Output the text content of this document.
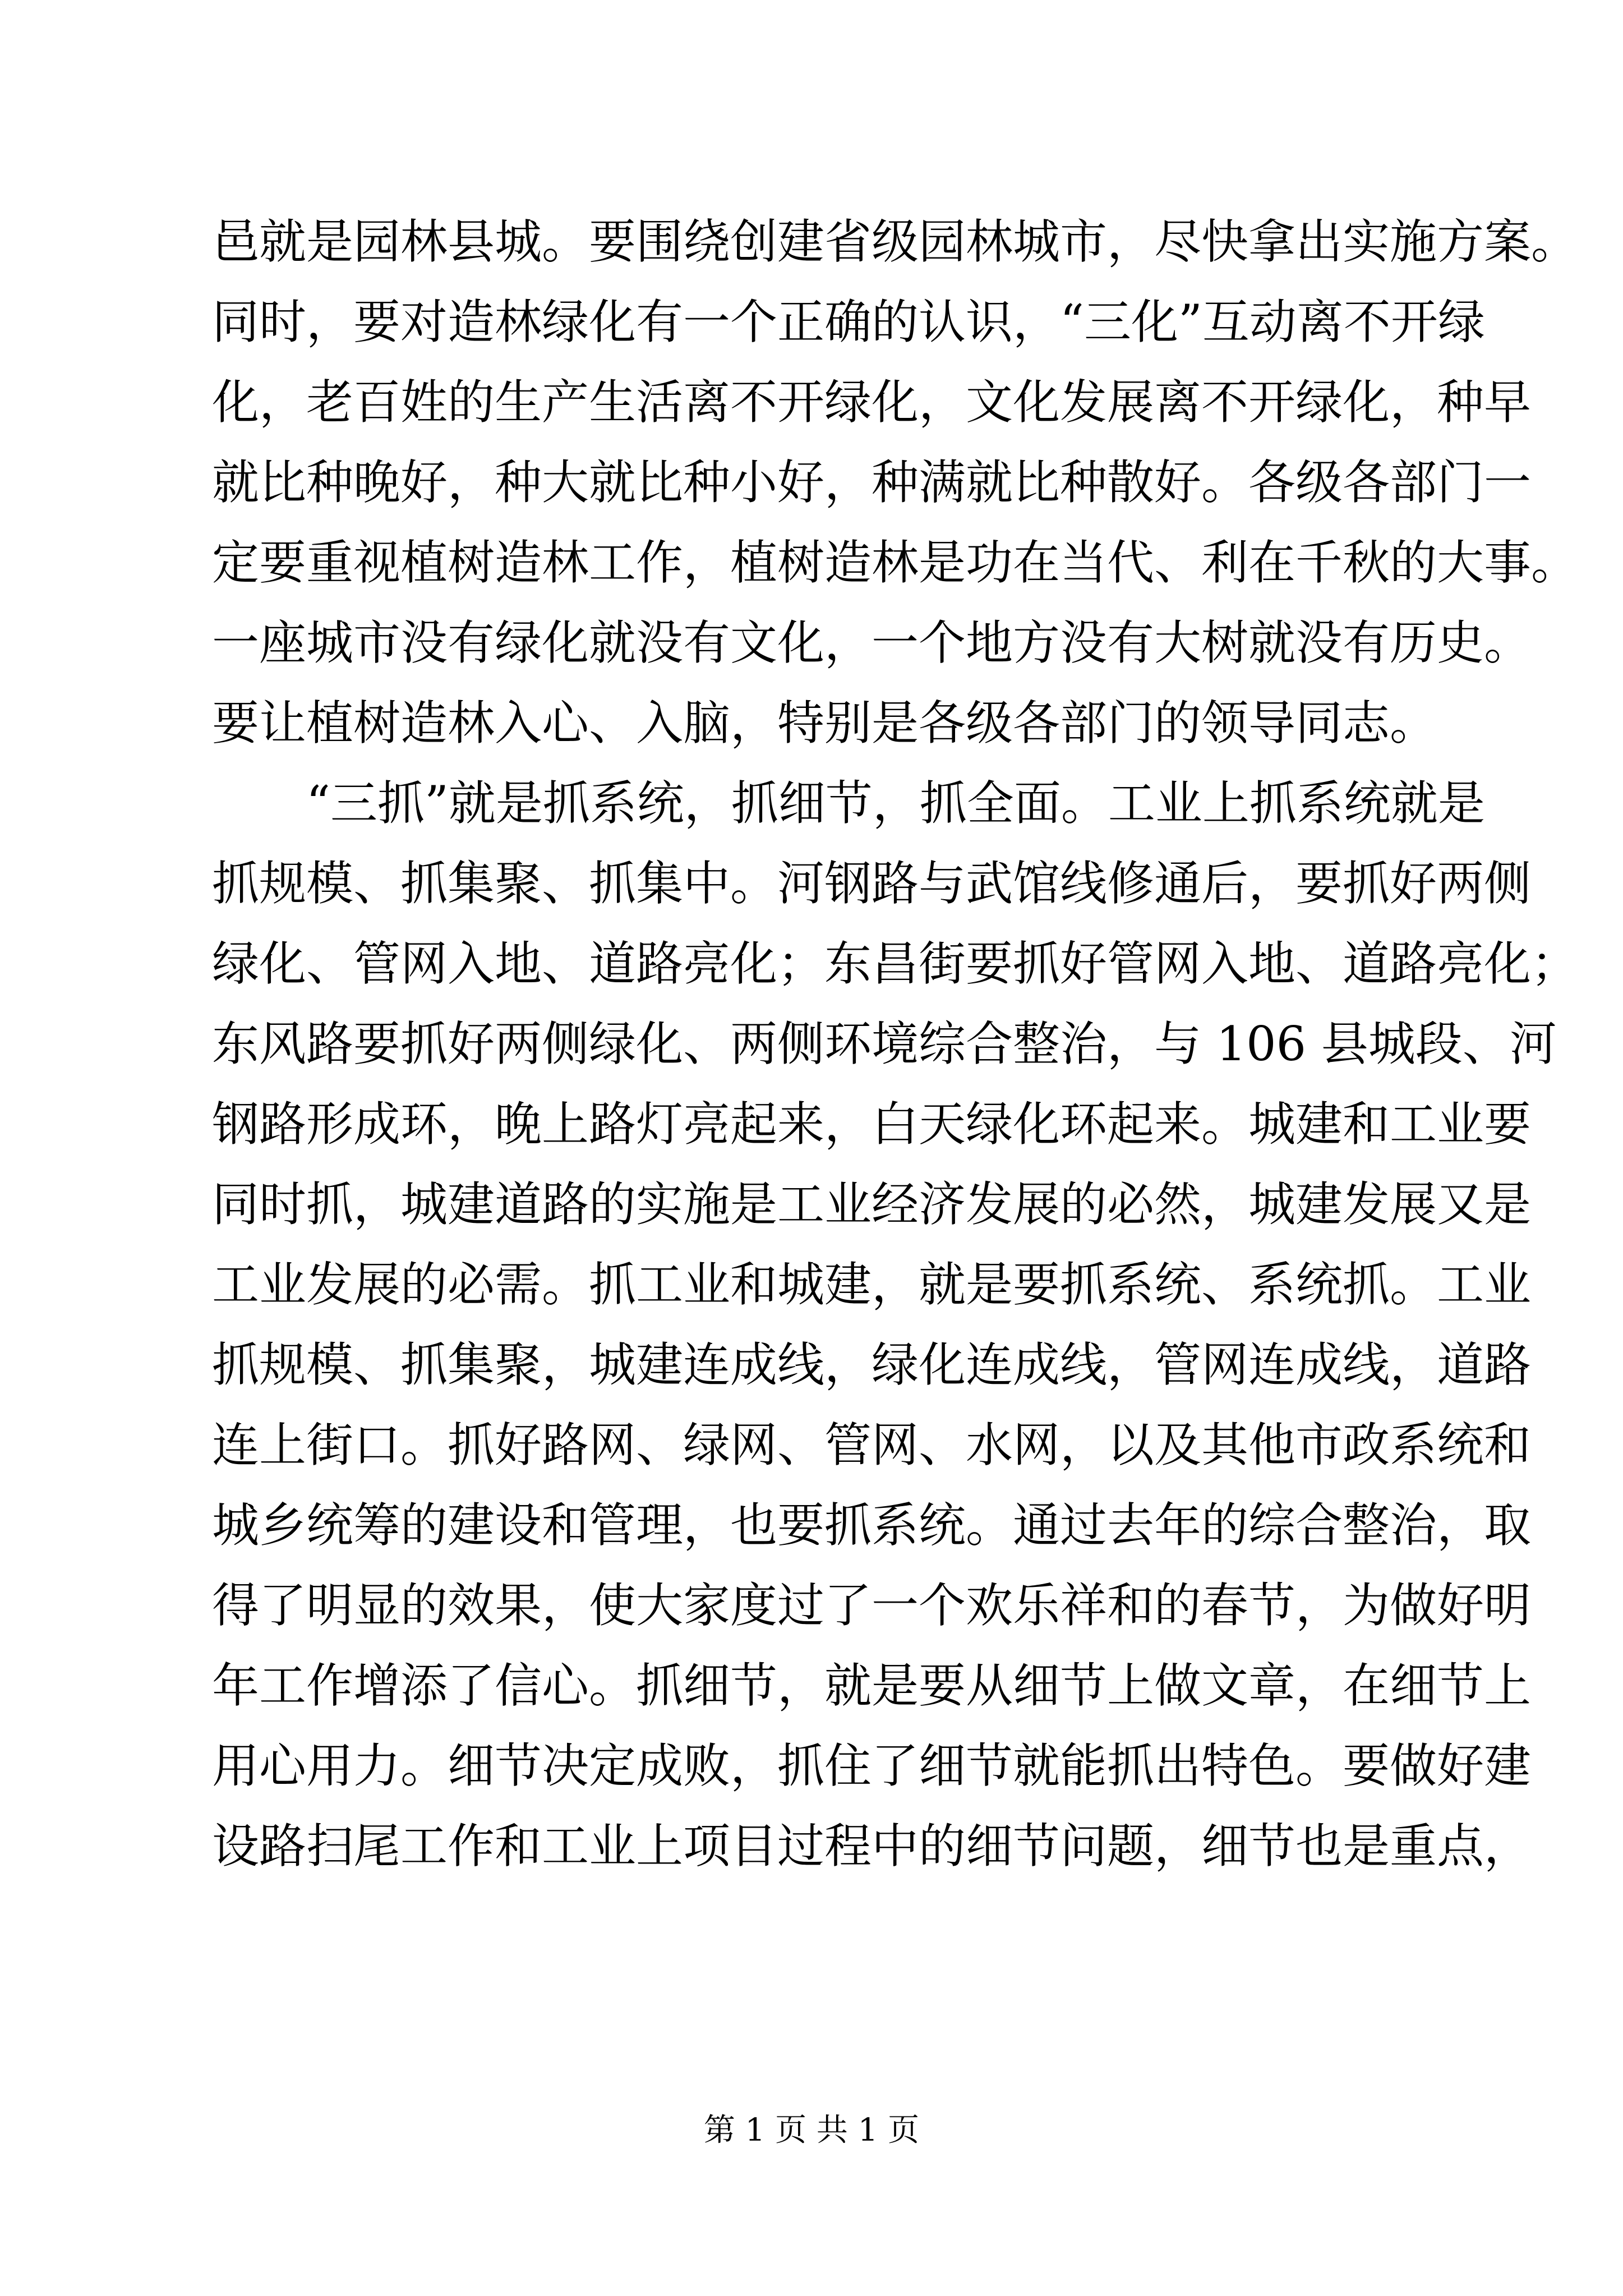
邑就是园林县城。要围绕创建省级园林城市，尽快拿出实施方案。
同时，要对造林绿化有一个正确的认识，“三化”互动离不开绿
化，老百姓的生产生活离不开绿化，文化发展离不开绿化，种早
就比种晚好，种大就比种小好，种满就比种散好。各级各部门一
定要重视植树造林工作，植树造林是功在当代、利在千秋的大事。
一座城市没有绿化就没有文化，一个地方没有大树就没有历史。
要让植树造林入心、入脑，特别是各级各部门的领导同志。
“三抓”就是抓系统，抓细节，抓全面。工业上抓系统就是
抓规模、抓集聚、抓集中。河钢路与武馆线修通后，要抓好两侧
绿化、管网入地、道路亮化；东昌街要抓好管网入地、道路亮化；
东风路要抓好两侧绿化、两侧环境综合整治，与 106 县城段、河
钢路形成环，晚上路灯亮起来，白天绿化环起来。城建和工业要
同时抓，城建道路的实施是工业经济发展的必然，城建发展又是
工业发展的必需。抓工业和城建，就是要抓系统、系统抓。工业
抓规模、抓集聚，城建连成线，绿化连成线，管网连成线，道路
连上街口。抓好路网、绿网、管网、水网，以及其他市政系统和
城乡统筹的建设和管理，也要抓系统。通过去年的综合整治，取
得了明显的效果，使大家度过了一个欢乐祥和的春节，为做好明
年工作增添了信心。抓细节，就是要从细节上做文章，在细节上
用心用力。细节决定成败，抓住了细节就能抓出特色。要做好建
设路扫尾工作和工业上项目过程中的细节问题，细节也是重点，
第 1 页 共 1 页
